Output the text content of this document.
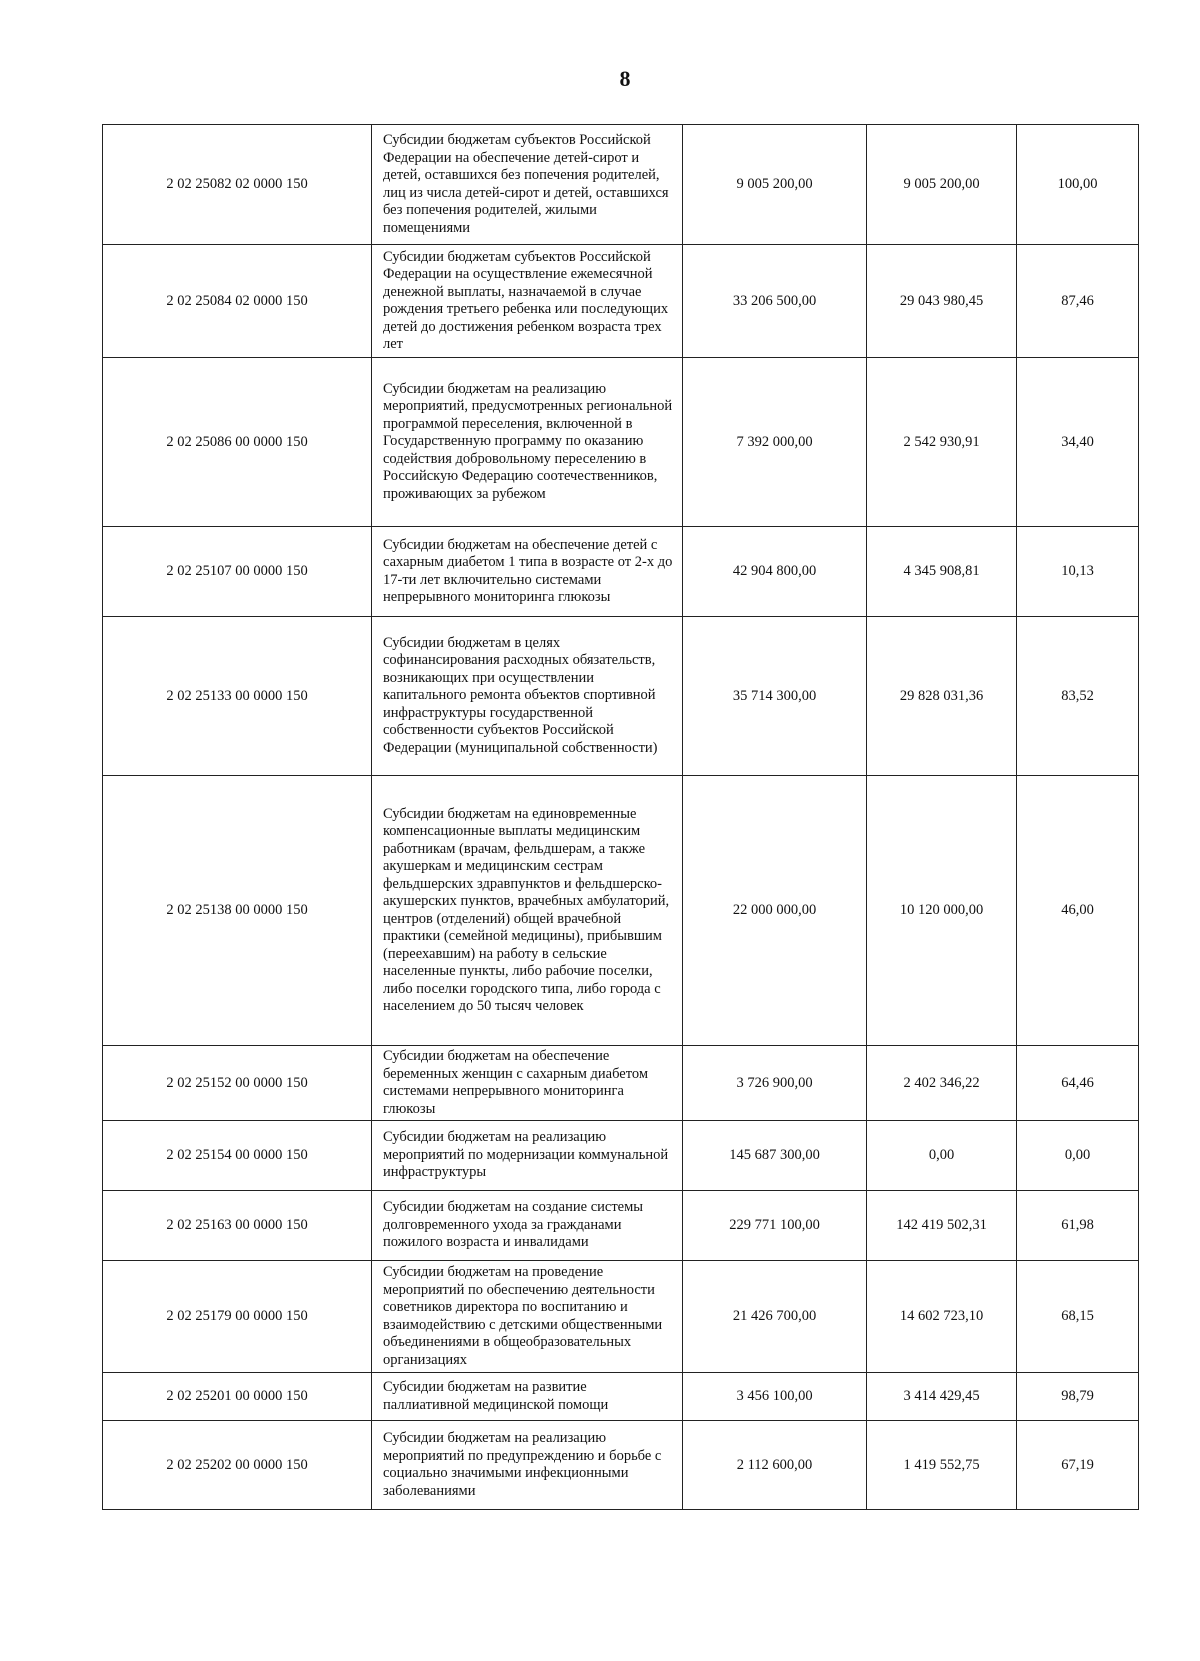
8
2 02 25082 02 0000 150	Субсидии бюджетам субъектов Российской Федерации на обеспечение детей-сирот и детей, оставшихся без попечения родителей, лиц из числа детей-сирот и детей, оставшихся без попечения родителей, жилыми помещениями	9 005 200,00	9 005 200,00	100,00
2 02 25084 02 0000 150	Субсидии бюджетам субъектов Российской Федерации на осуществление ежемесячной денежной выплаты, назначаемой в случае рождения третьего ребенка или последующих детей до достижения ребенком возраста трех лет	33 206 500,00	29 043 980,45	87,46
2 02 25086 00 0000 150	Субсидии бюджетам на реализацию мероприятий, предусмотренных региональной программой переселения, включенной в Государственную программу по оказанию содействия добровольному переселению в Российскую Федерацию соотечественников, проживающих за рубежом	7 392 000,00	2 542 930,91	34,40
2 02 25107 00 0000 150	Субсидии бюджетам на обеспечение детей с сахарным диабетом 1 типа в возрасте от 2-х до 17-ти лет включительно системами непрерывного мониторинга глюкозы	42 904 800,00	4 345 908,81	10,13
2 02 25133 00 0000 150	Субсидии бюджетам в целях софинансирования расходных обязательств, возникающих при осуществлении капитального ремонта объектов спортивной инфраструктуры государственной собственности субъектов Российской Федерации (муниципальной собственности)	35 714 300,00	29 828 031,36	83,52
2 02 25138 00 0000 150	Субсидии бюджетам на единовременные компенсационные выплаты медицинским работникам (врачам, фельдшерам, а также акушеркам и медицинским сестрам фельдшерских здравпунктов и фельдшерско-акушерских пунктов, врачебных амбулаторий, центров (отделений) общей врачебной практики (семейной медицины), прибывшим (переехавшим) на работу в сельские населенные пункты, либо рабочие поселки, либо поселки городского типа, либо города с населением до 50 тысяч человек	22 000 000,00	10 120 000,00	46,00
2 02 25152 00 0000 150	Субсидии бюджетам на обеспечение беременных женщин с сахарным диабетом системами непрерывного мониторинга глюкозы	3 726 900,00	2 402 346,22	64,46
2 02 25154 00 0000 150	Субсидии бюджетам на реализацию мероприятий по модернизации коммунальной инфраструктуры	145 687 300,00	0,00	0,00
2 02 25163 00 0000 150	Субсидии бюджетам на создание системы долговременного ухода за гражданами пожилого возраста и инвалидами	229 771 100,00	142 419 502,31	61,98
2 02 25179 00 0000 150	Субсидии бюджетам на проведение мероприятий по обеспечению деятельности советников директора по воспитанию и взаимодействию с детскими общественными объединениями в общеобразовательных организациях	21 426 700,00	14 602 723,10	68,15
2 02 25201 00 0000 150	Субсидии бюджетам на развитие паллиативной медицинской помощи	3 456 100,00	3 414 429,45	98,79
2 02 25202 00 0000 150	Субсидии бюджетам на реализацию мероприятий по предупреждению и борьбе с социально значимыми инфекционными заболеваниями	2 112 600,00	1 419 552,75	67,19
